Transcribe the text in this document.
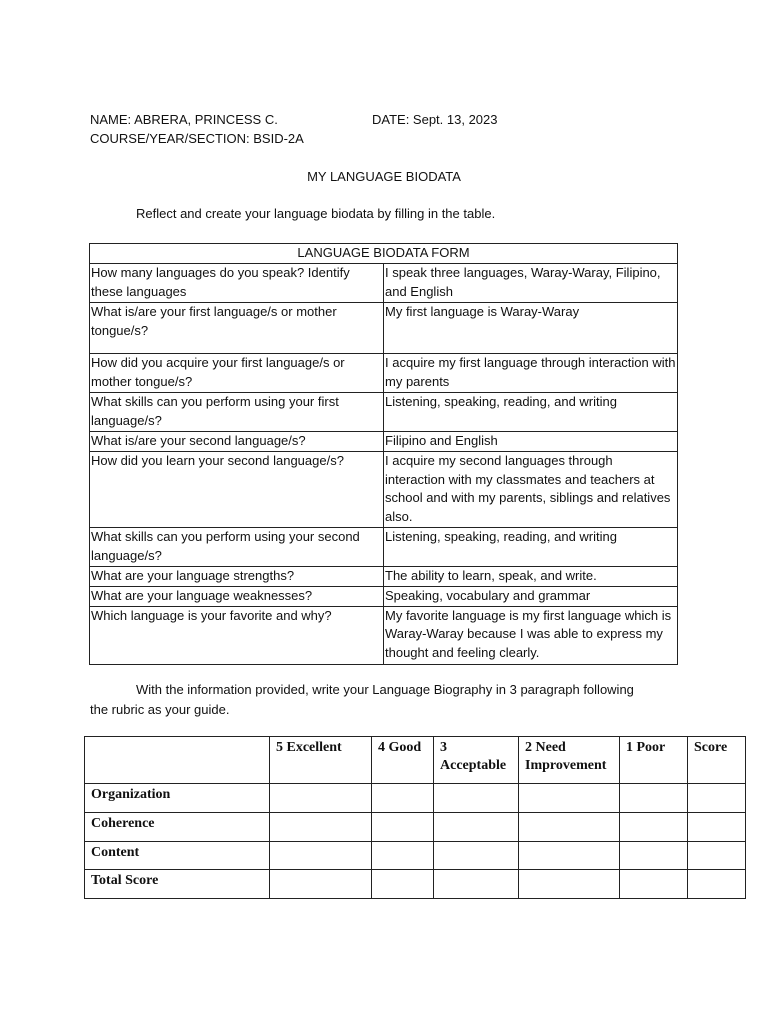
NAME: ABRERA, PRINCESS C.	DATE: Sept. 13, 2023
COURSE/YEAR/SECTION: BSID-2A
MY LANGUAGE BIODATA
Reflect and create your language biodata by filling in the table.
LANGUAGE BIODATA FORM	
How many languages do you speak? Identify these languages	I speak three languages, Waray-Waray, Filipino, and English
What is/are your first language/s or mother tongue/s?	My first language is Waray-Waray
How did you acquire your first language/s or mother tongue/s?	I acquire my first language through interaction with my parents
What skills can you perform using your first language/s?	Listening, speaking, reading, and writing
What is/are your second language/s?	Filipino and English
How did you learn your second language/s?	I acquire my second languages through interaction with my classmates and teachers at school and with my parents, siblings and relatives also.
What skills can you perform using your second language/s?	Listening, speaking, reading, and writing
What are your language strengths?	The ability to learn, speak, and write.
What are your language weaknesses?	Speaking, vocabulary and grammar
Which language is your favorite and why?	My favorite language is my first language which is Waray-Waray because I was able to express my thought and feeling clearly.
With the information provided, write your Language Biography in 3 paragraph following
the rubric as your guide.
	5 Excellent	4 Good	3 Acceptable	2 Need Improvement	1 Poor	Score
Organization						
Coherence						
Content						
Total Score						
